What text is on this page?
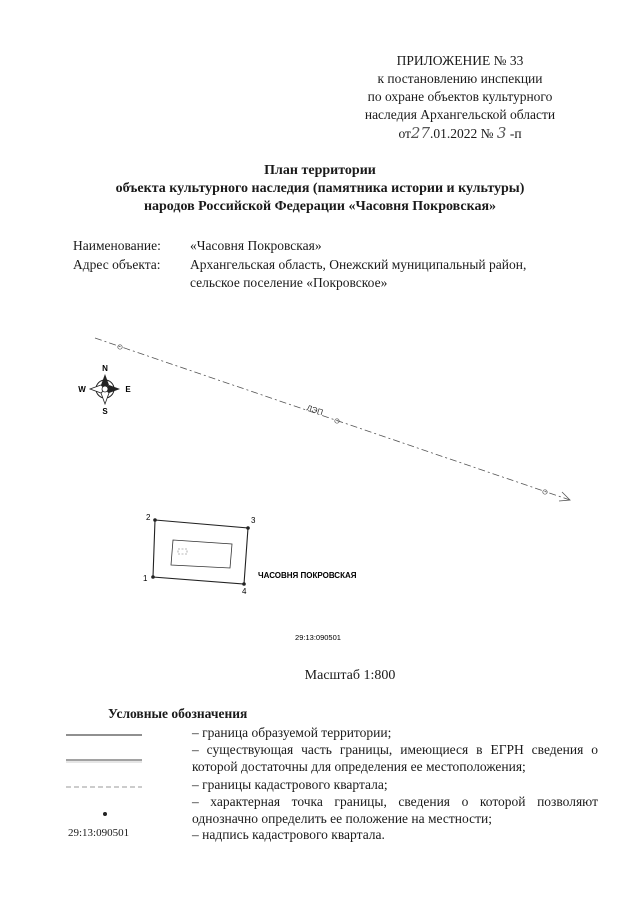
ПРИЛОЖЕНИЕ № 33
к постановлению инспекции
по охране объектов культурного
наследия Архангельской области
от27.01.2022 № 3 -п
План территории
объекта культурного наследия (памятника истории и культуры)
народов Российской Федерации «Часовня Покровская»
Наименование: «Часовня Покровская»
Адрес объекта: Архангельская область, Онежский муниципальный район,
сельское поселение «Покровское»
ЛЭП
N
S
W	E
1
2	3
4
ЧАСОВНЯ ПОКРОВСКАЯ
29:13:090501
Масштаб 1:800
Условные обозначения
– граница образуемой территории;
– существующая часть границы, имеющиеся в ЕГРН сведения о которой достаточны для определения ее местоположения;
– границы кадастрового квартала;
– характерная точка границы, сведения о которой позволяют однозначно определить ее положение на местности;
29:13:090501	– надпись кадастрового квартала.
